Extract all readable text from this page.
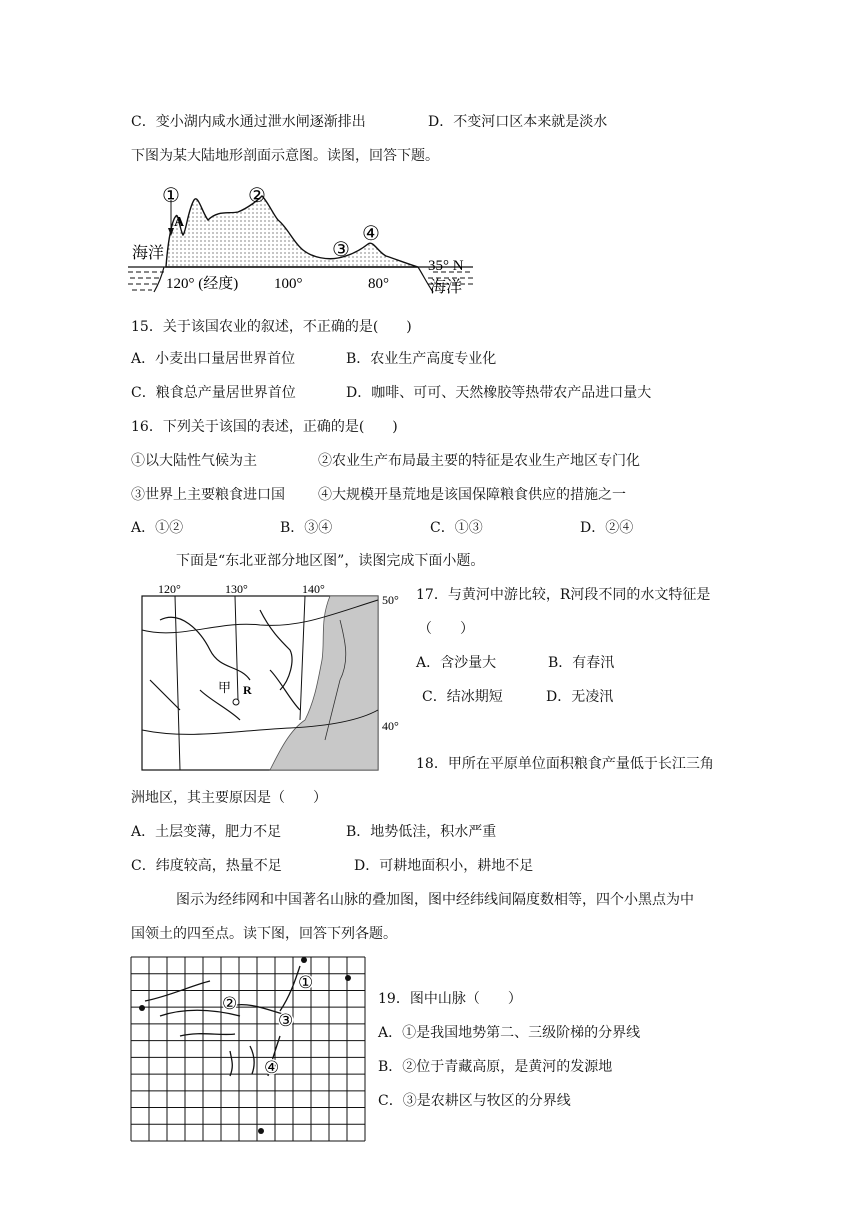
C．变小湖内咸水通过泄水闸逐渐排出	D．不变河口区本来就是淡水
下图为某大陆地形剖面示意图。读图，回答下题。
①
A
②
③
④
海洋
120° (经度) 100°	80°
35° N
海洋
15．关于该国农业的叙述，不正确的是(　　)
A．小麦出口量居世界首位	B．农业生产高度专业化
C．粮食总产量居世界首位	D．咖啡、可可、天然橡胶等热带农产品进口量大
16．下列关于该国的表述，正确的是(　　)
①以大陆性气候为主	②农业生产布局最主要的特征是农业生产地区专门化
③世界上主要粮食进口国 ④大规模开垦荒地是该国保障粮食供应的措施之一
A．①②	B．③④	C．①③	D．②④
下面是“东北亚部分地区图”，读图完成下面小题。
120°	130°	140°
50°
40°
甲 R
17．与黄河中游比较，R河段不同的水文特征是
（　　）
A．含沙量大	B．有春汛
C．结冰期短	D．无凌汛
18．甲所在平原单位面积粮食产量低于长江三角
洲地区，其主要原因是（　　）
A．土层变薄，肥力不足	B．地势低洼，积水严重
C．纬度较高，热量不足	D．可耕地面积小，耕地不足
图示为经纬网和中国著名山脉的叠加图，图中经纬线间隔度数相等，四个小黑点为中
国领土的四至点。读下图，回答下列各题。
①
②
③
④
19．图中山脉（　　）
A．①是我国地势第二、三级阶梯的分界线
B．②位于青藏高原，是黄河的发源地
C．③是农耕区与牧区的分界线
